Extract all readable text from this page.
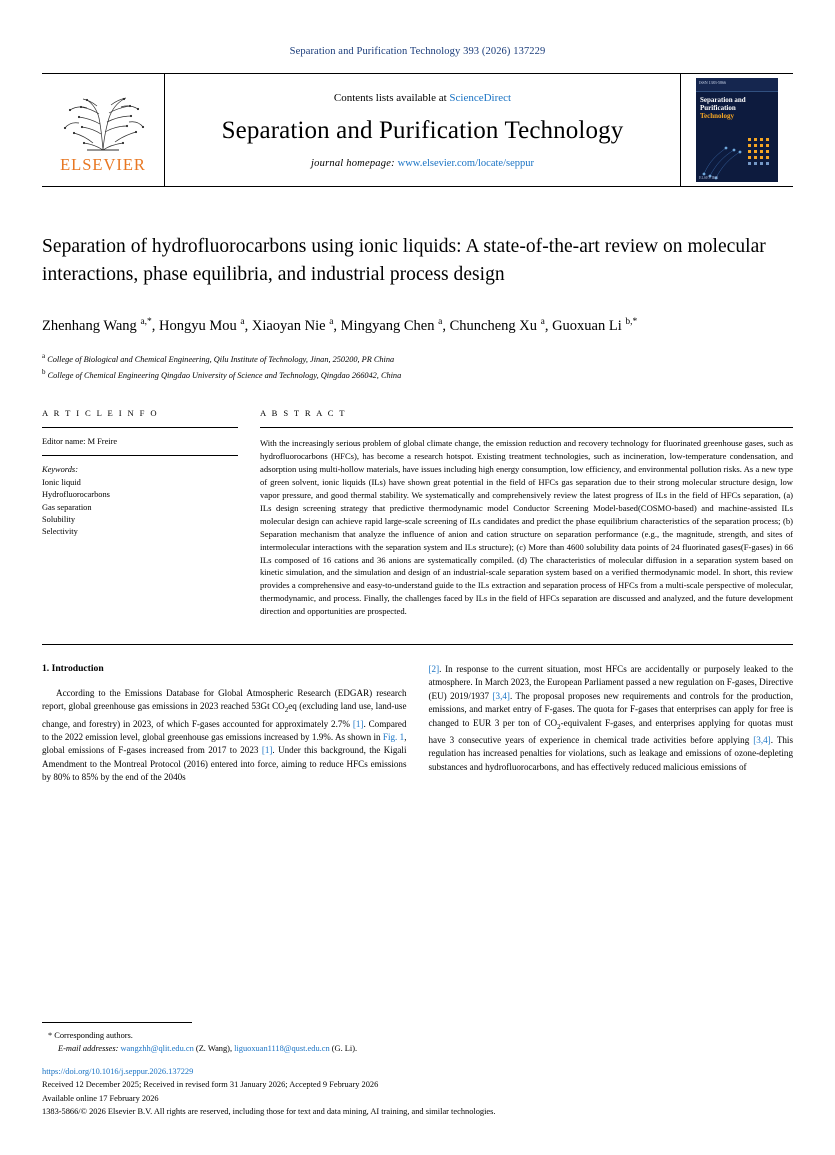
Separation and Purification Technology 393 (2026) 137229
ELSEVIER
Contents lists available at ScienceDirect
Separation and Purification Technology
journal homepage: www.elsevier.com/locate/seppur
ISSN 1383-5866
Separation and
Purification
Technology
ELSEVIER
Separation of hydrofluorocarbons using ionic liquids: A state-of-the-art review on molecular interactions, phase equilibria, and industrial process design
Zhenhang Wang $^{a,*}$, Hongyu Mou $^a$, Xiaoyan Nie $^a$, Mingyang Chen $^a$, Chuncheng Xu $^a$, Guoxuan Li $^{b,*}$
$^a$ College of Biological and Chemical Engineering, Qilu Institute of Technology, Jinan, 250200, PR China
$^b$ College of Chemical Engineering Qingdao University of Science and Technology, Qingdao 266042, China
A R T I C L E I N F O
Editor name: M Freire
Keywords:
Ionic liquid
Hydrofluorocarbons
Gas separation
Solubility
Selectivity
A B S T R A C T
With the increasingly serious problem of global climate change, the emission reduction and recovery technology for fluorinated greenhouse gases, such as hydrofluorocarbons (HFCs), has become a research hotspot. Existing treatment technologies, such as incineration, low-temperature condensation, and adsorption using multi-hollow materials, have issues including high energy consumption, low efficiency, and environmental pollution risks. As a new type of green solvent, ionic liquids (ILs) have shown great potential in the field of HFCs gas separation due to their strong molecular structure design, low vapor pressure, and good thermal stability. We systematically and comprehensively review the latest progress of ILs in the field of HFCs separation, (a) ILs design screening strategy that predictive thermodynamic model Conductor Screening Model-based(COSMO-based) and machine-assisted ILs molecular design can achieve rapid large-scale screening of ILs candidates and predict the phase equilibrium characteristics of the separation process; (b) Separation mechanism that analyze the influence of anion and cation structure on separation performance (e.g., the magnitude, strength, and sites of intermolecular interactions with the separation system and ILs structure); (c) More than 4600 solubility data points of 24 fluorinated gases(F-gases) in 66 ILs composed of 16 cations and 36 anions are systematically compiled. (d) The characteristics of molecular diffusion in a separation system based on kinetic simulation, and the simulation and design of an industrial-scale separation system based on a verified thermodynamic model. In short, this review provides a comprehensive and easy-to-understand guide to the ILs extraction and separation process of HFCs from a multi-scale perspective of molecular, thermodynamic, and process. Finally, the challenges faced by ILs in the field of HFCs separation are discussed and analyzed, and the future development direction and opportunities are prospected.
1. Introduction

According to the Emissions Database for Global Atmospheric Research (EDGAR) research report, global greenhouse gas emissions in 2023 reached 53Gt $CO_2eq$ (excluding land use, land-use change, and forestry) in 2023, of which F-gases accounted for approximately 2.7% [1]. Compared to the 2022 emission level, global greenhouse gas emissions increased by 1.9%. As shown in Fig. 1, global emissions of F-gases increased from 2017 to 2023 [1]. Under this background, the Kigali Amendment to the Montreal Protocol (2016) entered into force, aiming to reduce HFCs emissions by 80% to 85% by the end of the 2040s

[2]. In response to the current situation, most HFCs are accidentally or purposely leaked to the atmosphere. In March 2023, the European Parliament passed a new regulation on F-gases, Directive (EU) 2019/1937 [3,4]. The proposal proposes new requirements and controls for the production, emissions, and market entry of F-gases. The quota for F-gases that enterprises can apply for free is changed to EUR 3 per ton of $CO_2$-equivalent F-gases, and enterprises applying for quotas must have 3 consecutive years of experience in chemical trade activities before applying [3,4]. This regulation has increased penalties for violations, such as leakage and emissions of ozone-depleting substances and hydrofluorocarbons, and has effectively reduced malicious emissions of

* Corresponding authors.
E-mail addresses: wangzhh@qlit.edu.cn (Z. Wang), liguoxuan1118@qust.edu.cn (G. Li).
https://doi.org/10.1016/j.seppur.2026.137229
Received 12 December 2025; Received in revised form 31 January 2026; Accepted 9 February 2026
Available online 17 February 2026
1383-5866/© 2026 Elsevier B.V. All rights are reserved, including those for text and data mining, AI training, and similar technologies.
